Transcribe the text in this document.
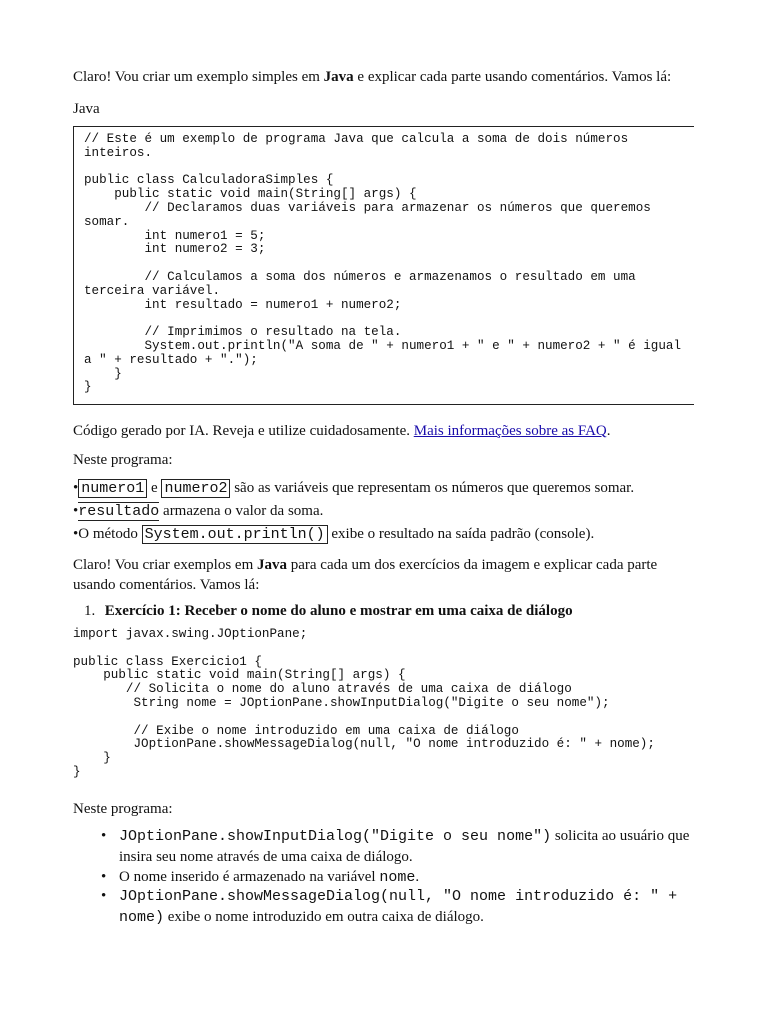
Claro! Vou criar um exemplo simples em Java e explicar cada parte usando comentários. Vamos lá:

Java

// Este é um exemplo de programa Java que calcula a soma de dois números
inteiros.

public class CalculadoraSimples {
public static void main(String[] args) {
// Declaramos duas variáveis para armazenar os números que queremos
somar.
int numero1 = 5;
int numero2 = 3;

// Calculamos a soma dos números e armazenamos o resultado em uma
terceira variável.
int resultado = numero1 + numero2;

// Imprimimos o resultado na tela.
System.out.println("A soma de " + numero1 + " e " + numero2 + " é igual
a " + resultado + ".");
}
}

Código gerado por IA. Reveja e utilize cuidadosamente. Mais informações sobre as FAQ.

Neste programa:

• numero1 e numero2 são as variáveis que representam os números que queremos somar.

•resultado armazena o valor da soma.

•O método System.out.println() exibe o resultado na saída padrão (console).

Claro! Vou criar exemplos em Java para cada um dos exercícios da imagem e explicar cada parte usando comentários. Vamos lá:

1. Exercício 1: Receber o nome do aluno e mostrar em uma caixa de diálogo

import javax.swing.JOptionPane;

public class Exercicio1 {
public static void main(String[] args) {
// Solicita o nome do aluno através de uma caixa de diálogo
String nome = JOptionPane.showInputDialog("Digite o seu nome");

// Exibe o nome introduzido em uma caixa de diálogo
JOptionPane.showMessageDialog(null, "O nome introduzido é: " + nome);
}
}

Neste programa:

• JOptionPane.showInputDialog("Digite o seu nome") solicita ao usuário que insira seu nome através de uma caixa de diálogo.

• O nome inserido é armazenado na variável nome.

• JOptionPane.showMessageDialog(null, "O nome introduzido é: " + nome) exibe o nome introduzido em outra caixa de diálogo.
